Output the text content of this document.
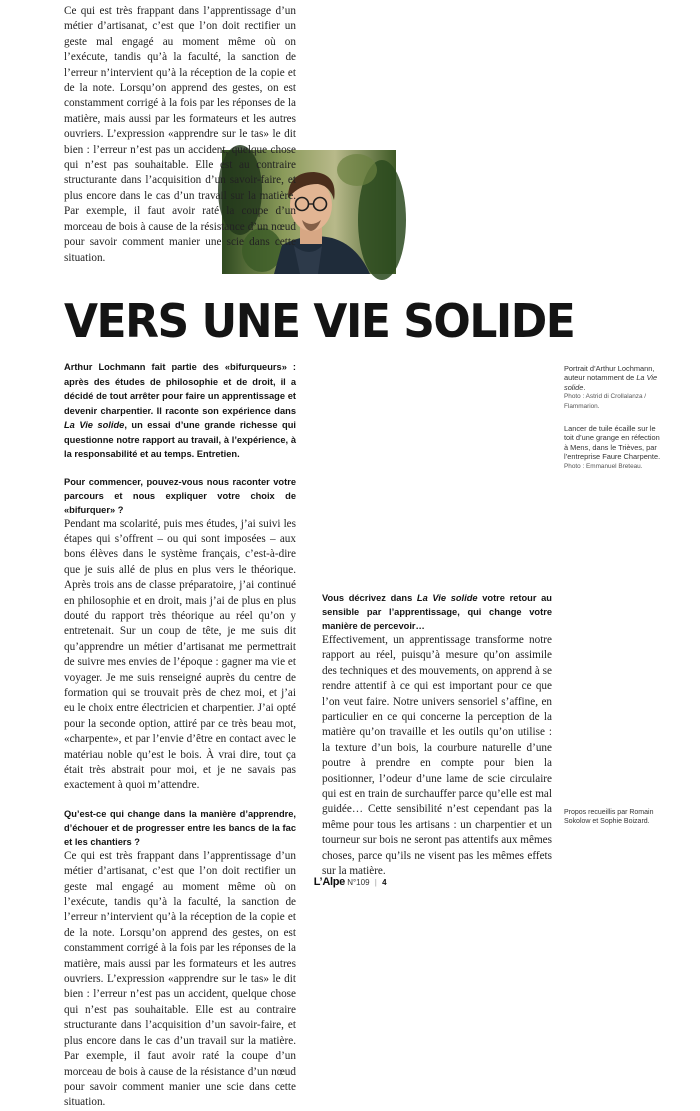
VERS UNE VIE SOLIDE

Arthur Lochmann fait partie des «bifurqueurs» : après des études de philosophie et de droit, il a décidé de tout arrêter pour faire un apprentissage et devenir charpentier. Il raconte son expérience dans La Vie solide, un essai d’une grande richesse qui questionne notre rapport au travail, à l’expérience, à la responsabilité et au temps. Entretien.

Pour commencer, pouvez-vous nous raconter votre parcours et nous expliquer votre choix de «bifurquer» ?

Pendant ma scolarité, puis mes études, j’ai suivi les étapes qui s’offrent – ou qui sont imposées – aux bons élèves dans le système français, c’est-à-dire que je suis allé de plus en plus vers le théorique. Après trois ans de classe préparatoire, j’ai continué en philosophie et en droit, mais j’ai de plus en plus douté du rapport très théorique au réel qu’on y entretenait. Sur un coup de tête, je me suis dit qu’apprendre un métier d’artisanat me permettrait de suivre mes envies de l’époque : gagner ma vie et voyager. Je me suis renseigné auprès du centre de formation qui se trouvait près de chez moi, et j’ai eu le choix entre électricien et charpentier. J’ai opté pour la seconde option, attiré par ce très beau mot, «charpente», et par l’envie d’être en contact avec le matériau noble qu’est le bois. À vrai dire, tout ça était très abstrait pour moi, et je ne savais pas exactement à quoi m’attendre.

Qu’est-ce qui change dans la manière d’apprendre, d’échouer et de progresser entre les bancs de la fac et les chantiers ?

Ce qui est très frappant dans l’apprentissage d’un métier d’artisanat, c’est que l’on doit rectifier un geste mal engagé au moment même où on l’exécute, tandis qu’à la faculté, la sanction de l’erreur n’intervient qu’à la réception de la copie et de la note. Lorsqu’on apprend des gestes, on est constamment corrigé à la fois par les réponses de la matière, mais aussi par les formateurs et les autres ouvriers. L’expression «apprendre sur le tas» le dit bien : l’erreur n’est pas un accident, quelque chose qui n’est pas souhaitable. Elle est au contraire structurante dans l’acquisition d’un savoir-faire, et plus encore dans le cas d’un travail sur la matière. Par exemple, il faut avoir raté la coupe d’un morceau de bois à cause de la résistance d’un nœud pour savoir comment manier une scie dans cette situation.

Ce qui est très frappant dans l’apprentissage d’un métier d’artisanat, c’est que l’on doit rectifier un geste mal engagé au moment même où on l’exécute, tandis qu’à la faculté, la sanction de l’erreur n’intervient qu’à la réception de la copie et de la note. Lorsqu’on apprend des gestes, on est constamment corrigé à la fois par les réponses de la matière, mais aussi par les formateurs et les autres ouvriers. L’expression «apprendre sur le tas» le dit bien : l’erreur n’est pas un accident, quelque chose qui n’est pas souhaitable. Elle est au contraire structurante dans l’acquisition d’un savoir-faire, et plus encore dans le cas d’un travail sur la matière. Par exemple, il faut avoir raté la coupe d’un morceau de bois à cause de la résistance d’un nœud pour savoir comment manier une scie dans cette situation.

Vous décrivez dans La Vie solide votre retour au sensible par l’apprentissage, qui change votre manière de percevoir…

Effectivement, un apprentissage transforme notre rapport au réel, puisqu’à mesure qu’on assimile des techniques et des mouvements, on apprend à se rendre attentif à ce qui est important pour ce que l’on veut faire. Notre univers sensoriel s’affine, en particulier en ce qui concerne la perception de la matière qu’on travaille et les outils qu’on utilise : la texture d’un bois, la courbure naturelle d’une poutre à prendre en compte pour bien la positionner, l’odeur d’une lame de scie circulaire qui est en train de surchauffer parce qu’elle est mal guidée… Cette sensibilité n’est cependant pas la même pour tous les artisans : un charpentier et un tourneur sur bois ne seront pas attentifs aux mêmes choses, parce qu’ils ne visent pas les mêmes effets sur la matière.

Portrait d’Arthur Lochmann, auteur notamment de La Vie solide.

Photo : Astrid di Crollalanza / Flammarion.

Lancer de tuile écaille sur le toit d’une grange en réfection à Mens, dans le Trièves, par l’entreprise Faure Charpente.

Photo : Emmanuel Breteau.

Propos recueillis par Romain Sokolow et Sophie Boizard.
L’Alpe N°109 | 4
